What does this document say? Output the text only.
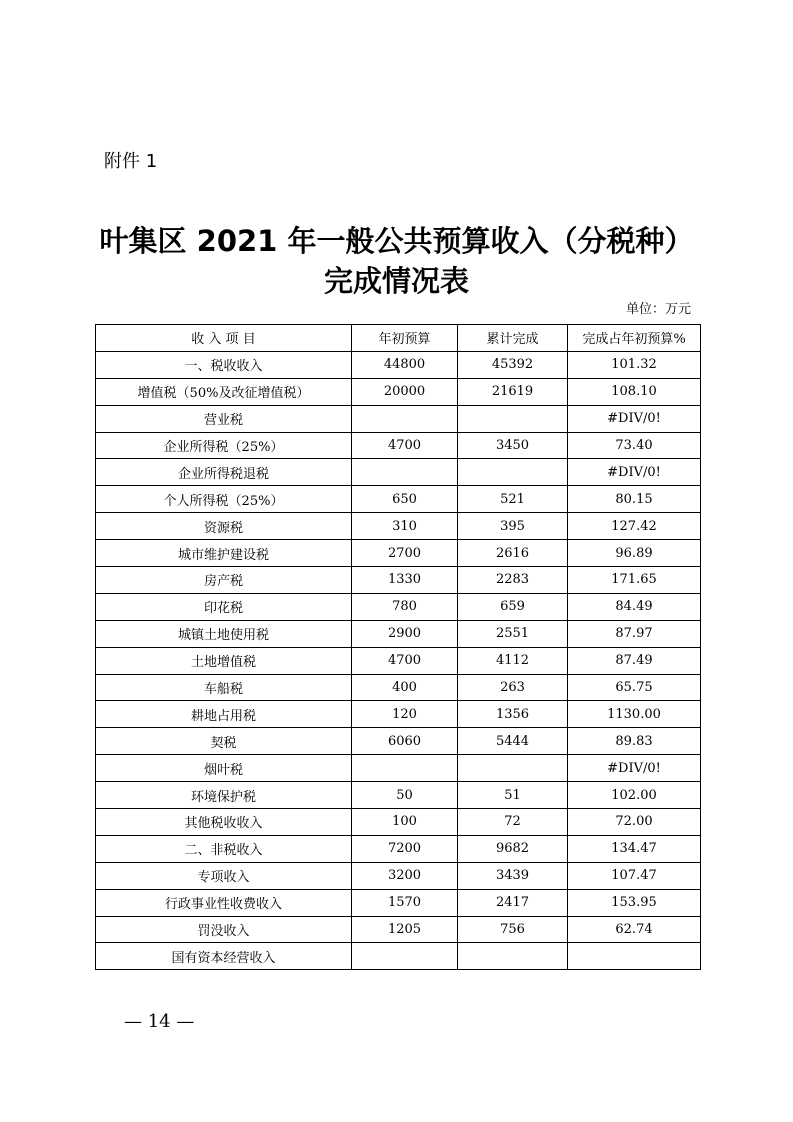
附件 1
叶集区 2021 年一般公共预算收入（分税种）
完成情况表
单位：万元
收 入 项 目	年初预算	累计完成	完成占年初预算%
一、税收收入	44800	45392	101.32
增值税（50%及改征增值税）	20000	21619	108.10
营业税			#DIV/0!
企业所得税（25%）	4700	3450	73.40
企业所得税退税			#DIV/0!
个人所得税（25%）	650	521	80.15
资源税	310	395	127.42
城市维护建设税	2700	2616	96.89
房产税	1330	2283	171.65
印花税	780	659	84.49
城镇土地使用税	2900	2551	87.97
土地增值税	4700	4112	87.49
车船税	400	263	65.75
耕地占用税	120	1356	1130.00
契税	6060	5444	89.83
烟叶税			#DIV/0!
环境保护税	50	51	102.00
其他税收收入	100	72	72.00
二、非税收入	7200	9682	134.47
专项收入	3200	3439	107.47
行政事业性收费收入	1570	2417	153.95
罚没收入	1205	756	62.74
国有资本经营收入			
— 14 —
